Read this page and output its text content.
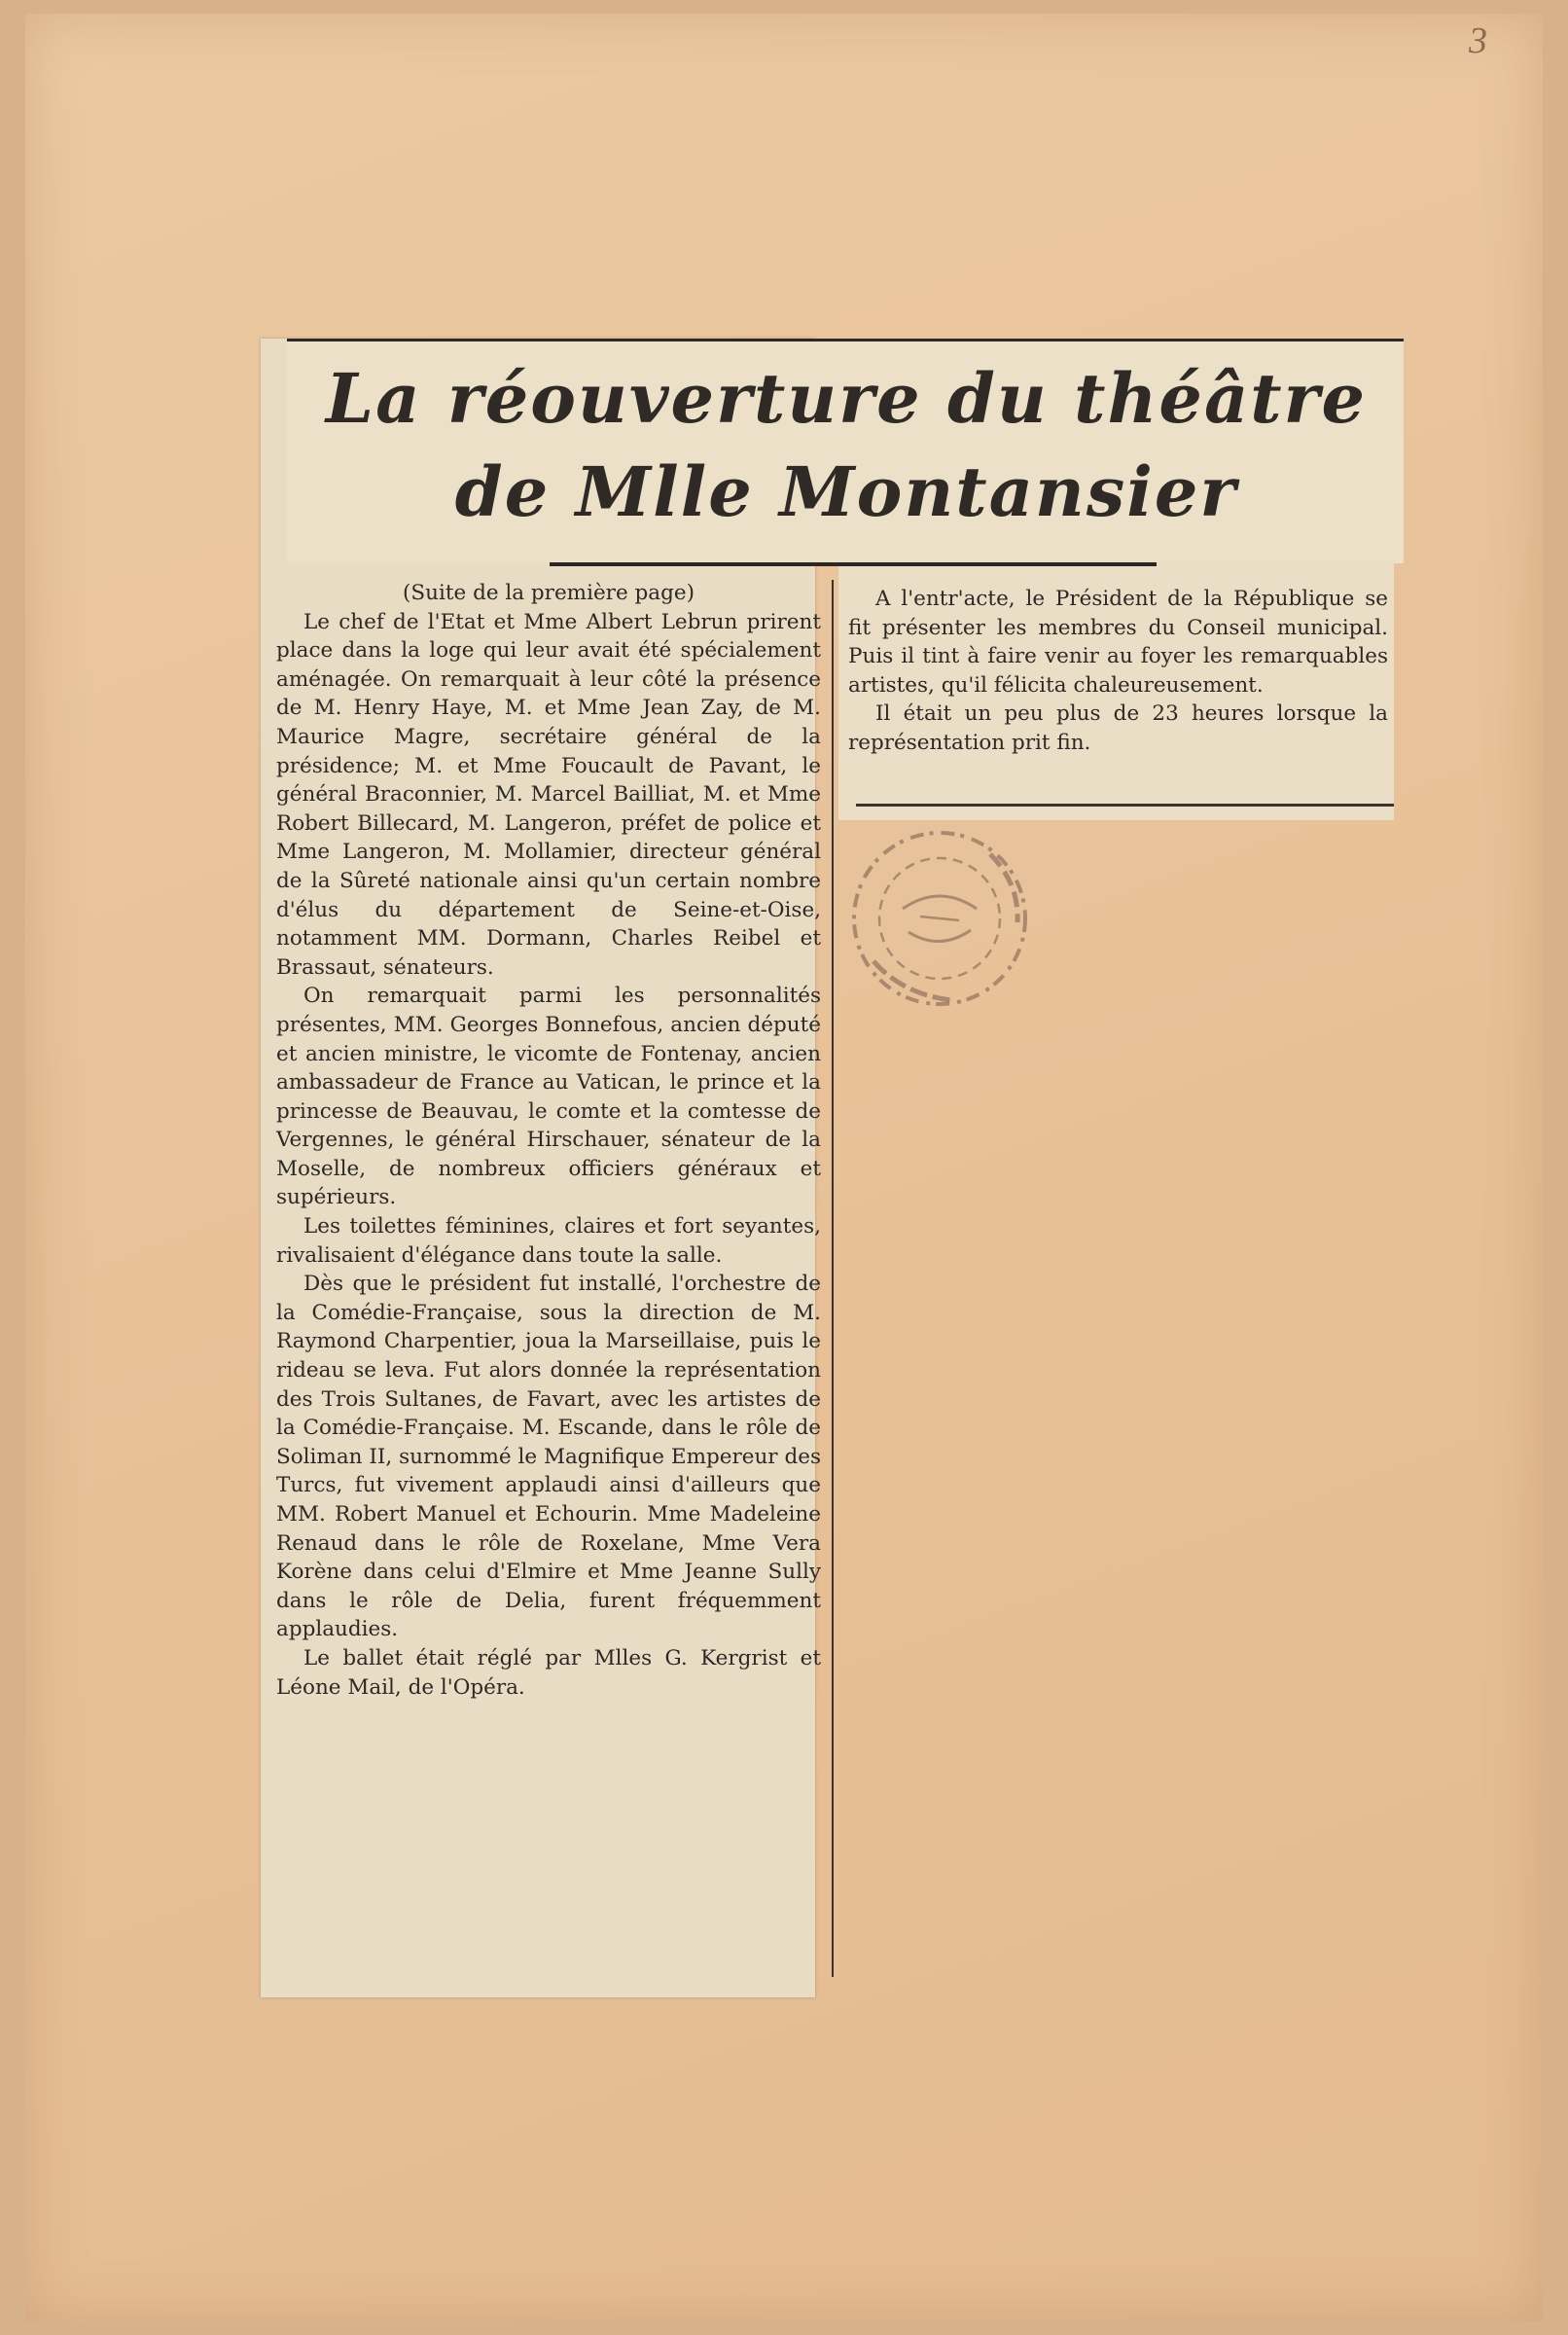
3
La réouverture du théâtre
de Mlle Montansier

(Suite de la première page)

Le chef de l'Etat et Mme Albert Lebrun prirent place dans la loge qui leur avait été spécialement aménagée. On remarquait à leur côté la présence de M. Henry Haye, M. et Mme Jean Zay, de M. Maurice Magre, secrétaire général de la présidence; M. et Mme Foucault de Pavant, le général Braconnier, M. Marcel Bailliat, M. et Mme Robert Billecard, M. Langeron, préfet de police et Mme Langeron, M. Mollamier, directeur général de la Sûreté nationale ainsi qu'un certain nombre d'élus du département de Seine-et-Oise, notamment MM. Dormann, Charles Reibel et Brassaut, sénateurs.

On remarquait parmi les personnalités présentes, MM. Georges Bonnefous, ancien député et ancien ministre, le vicomte de Fontenay, ancien ambassadeur de France au Vatican, le prince et la princesse de Beauvau, le comte et la comtesse de Vergennes, le général Hirschauer, sénateur de la Moselle, de nombreux officiers généraux et supérieurs.

Les toilettes féminines, claires et fort seyantes, rivalisaient d'élégance dans toute la salle.

Dès que le président fut installé, l'orchestre de la Comédie-Française, sous la direction de M. Raymond Charpentier, joua la Marseillaise, puis le rideau se leva. Fut alors donnée la représentation des Trois Sultanes, de Favart, avec les artistes de la Comédie-Française. M. Escande, dans le rôle de Soliman II, surnommé le Magnifique Empereur des Turcs, fut vivement applaudi ainsi d'ailleurs que MM. Robert Manuel et Echourin. Mme Madeleine Renaud dans le rôle de Roxelane, Mme Vera Korène dans celui d'Elmire et Mme Jeanne Sully dans le rôle de Delia, furent fréquemment applaudies.

Le ballet était réglé par Mlles G. Kergrist et Léone Mail, de l'Opéra.

A l'entr'acte, le Président de la République se fit présenter les membres du Conseil municipal. Puis il tint à faire venir au foyer les remarquables artistes, qu'il félicita chaleureusement.

Il était un peu plus de 23 heures lorsque la représentation prit fin.
